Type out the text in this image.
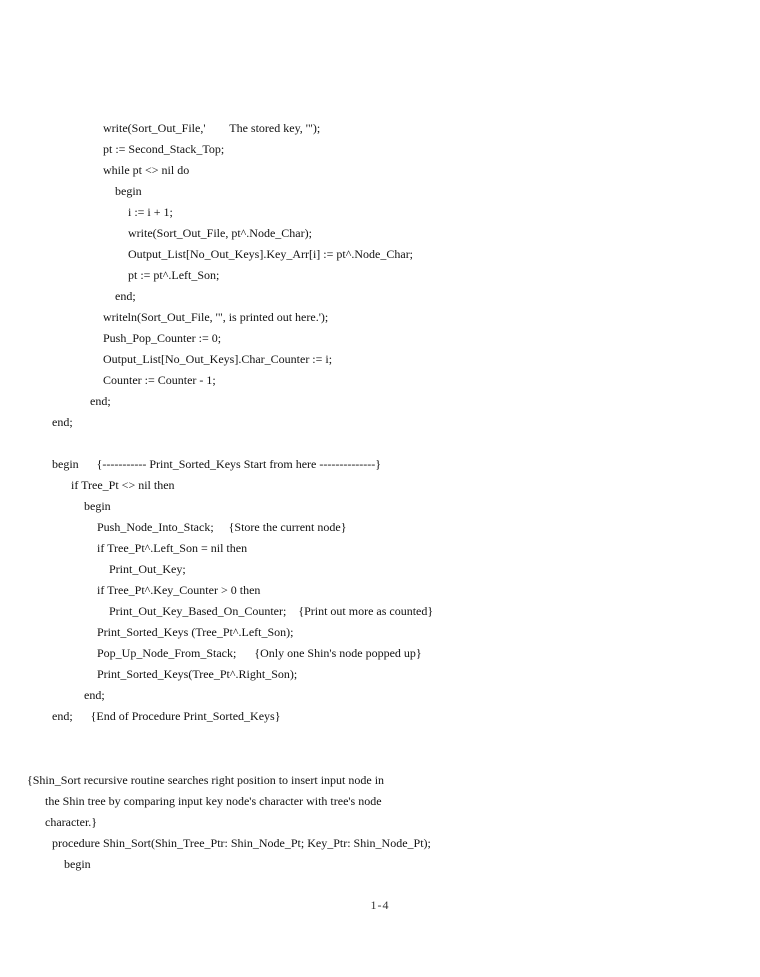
write(Sort_Out_File,'        The stored key, '");
pt := Second_Stack_Top;
while pt <> nil do
begin
i := i + 1;
write(Sort_Out_File, pt^.Node_Char);
Output_List[No_Out_Keys].Key_Arr[i] := pt^.Node_Char;
pt := pt^.Left_Son;
end;
writeln(Sort_Out_File, '", is printed out here.');
Push_Pop_Counter := 0;
Output_List[No_Out_Keys].Char_Counter := i;
Counter := Counter - 1;
end;
end;
begin      {----------- Print_Sorted_Keys Start from here --------------}
if Tree_Pt <> nil then
begin
Push_Node_Into_Stack;     {Store the current node}
if Tree_Pt^.Left_Son = nil then
Print_Out_Key;
if Tree_Pt^.Key_Counter > 0 then
Print_Out_Key_Based_On_Counter;    {Print out more as counted}
Print_Sorted_Keys (Tree_Pt^.Left_Son);
Pop_Up_Node_From_Stack;      {Only one Shin's node popped up}
Print_Sorted_Keys(Tree_Pt^.Right_Son);
end;
end;      {End of Procedure Print_Sorted_Keys}
{Shin_Sort recursive routine searches right position to insert input node in
the Shin tree by comparing input key node's character with tree's node
character.}
procedure Shin_Sort(Shin_Tree_Ptr: Shin_Node_Pt; Key_Ptr: Shin_Node_Pt);
begin
1-4
